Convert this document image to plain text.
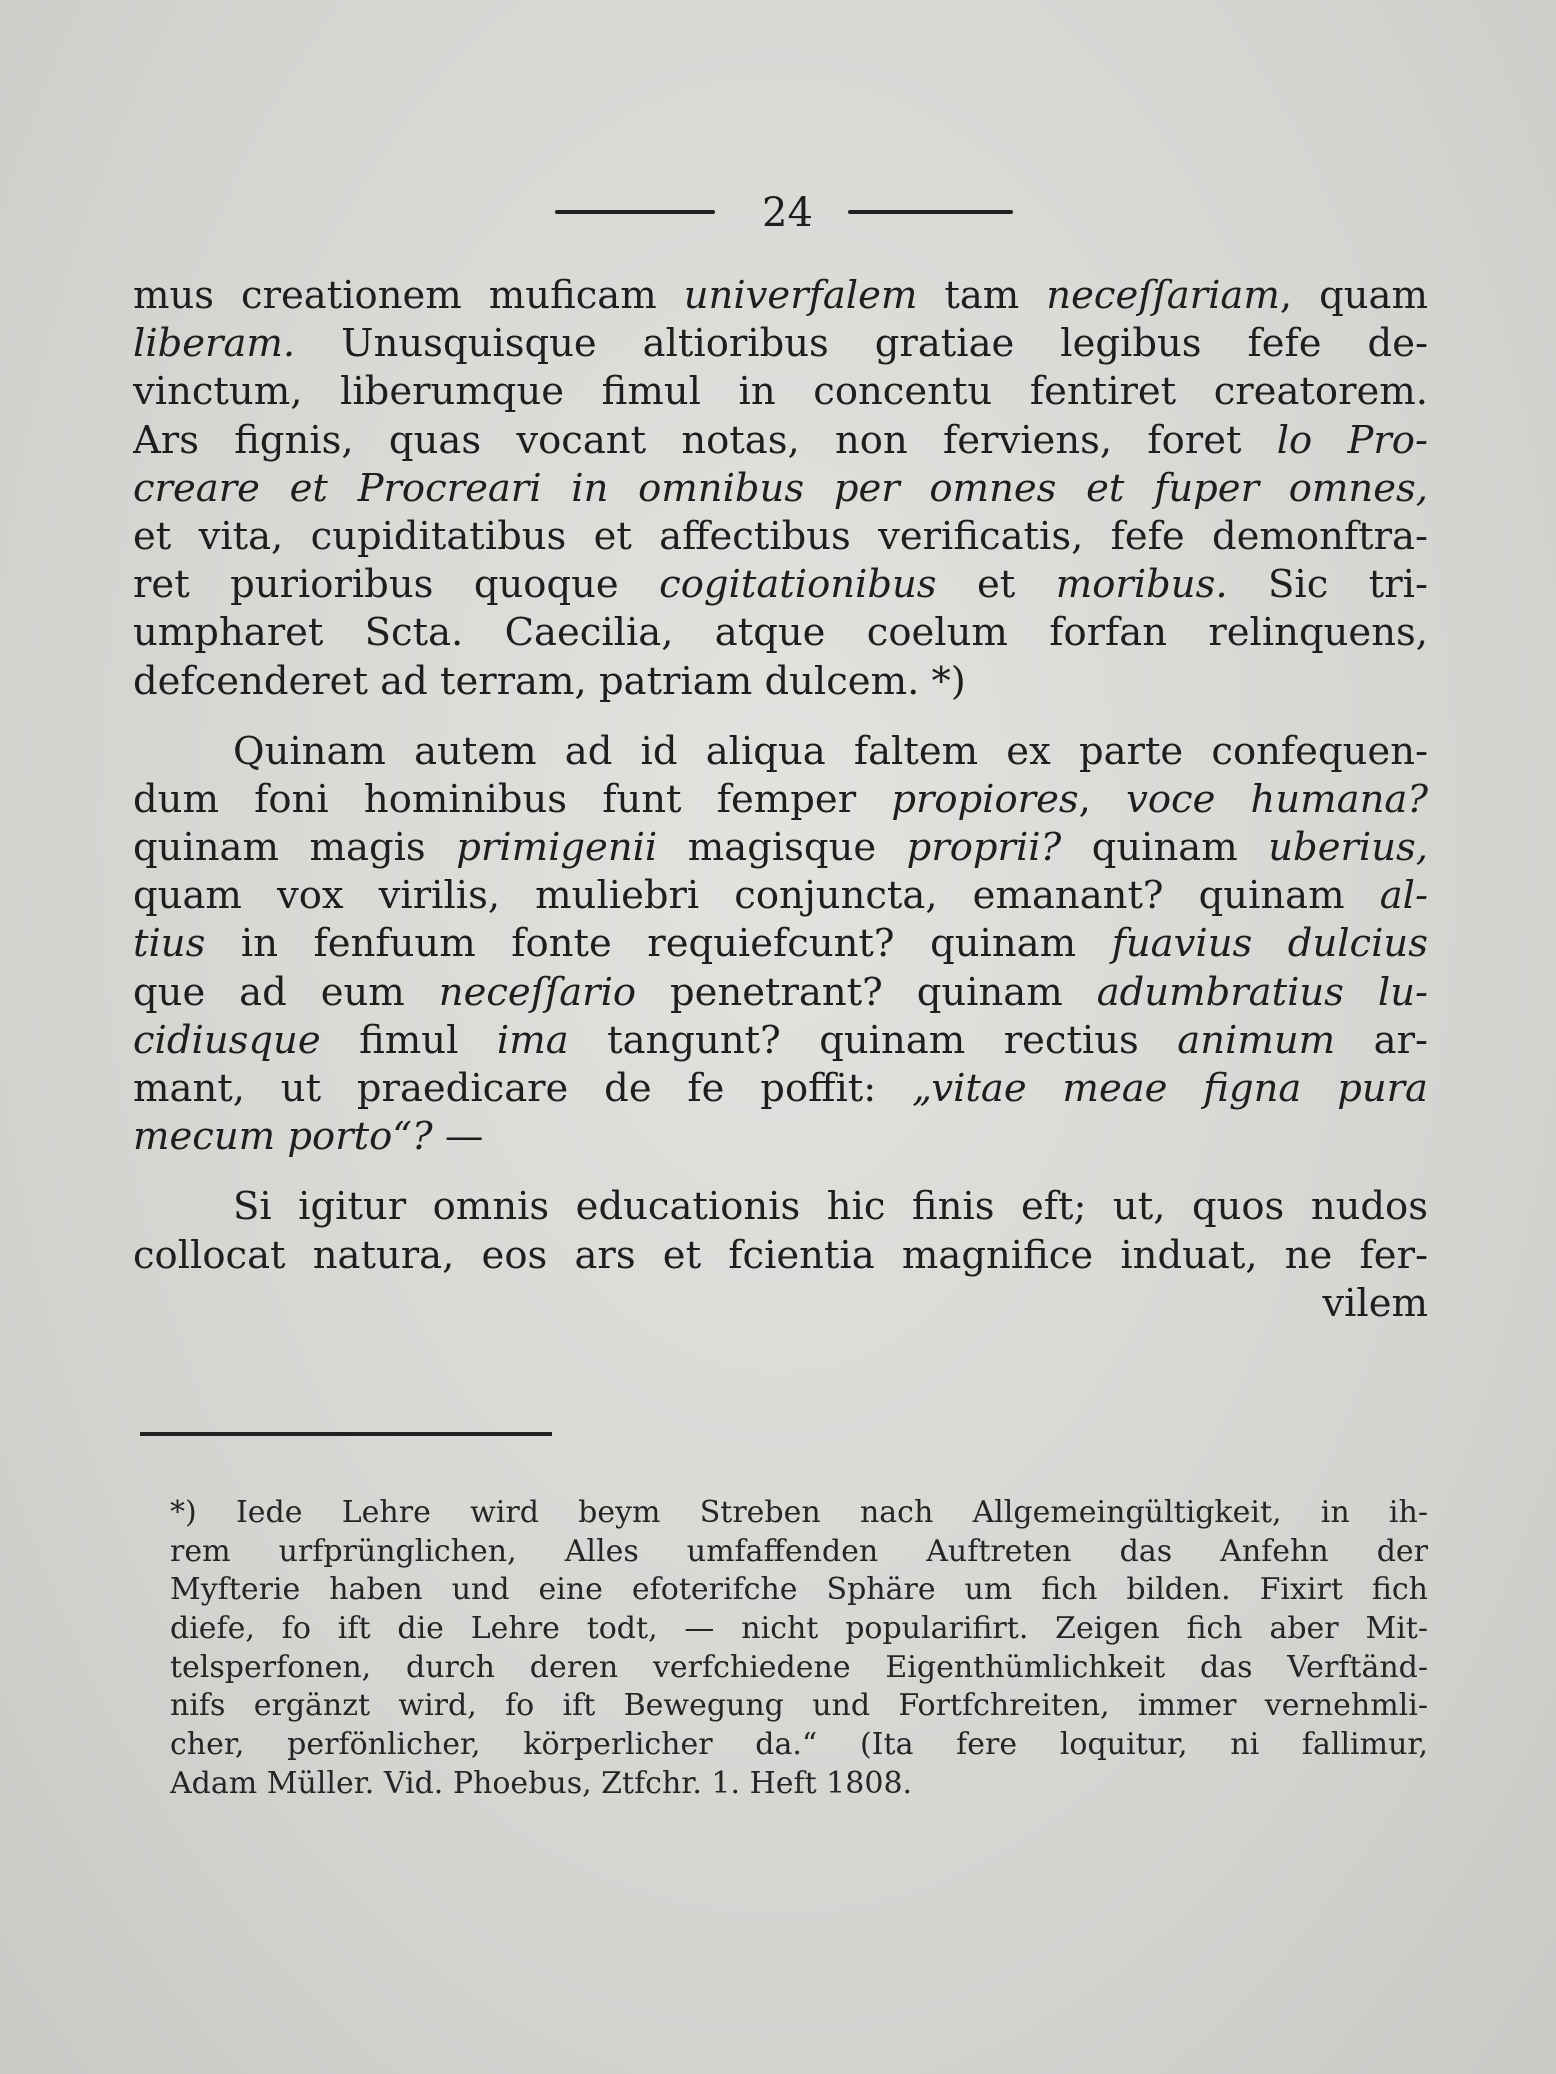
24
mus creationem muficam univerfalem tam neceſſariam, quam
liberam. Unusquisque altioribus gratiae legibus fefe de-
vinctum, liberumque fimul in concentu fentiret creatorem.
Ars fignis, quas vocant notas, non ferviens, foret lo Pro-
creare et Procreari in omnibus per omnes et fuper omnes,
et vita, cupiditatibus et affectibus verificatis, fefe demonftra-
ret purioribus quoque cogitationibus et moribus. Sic tri-
umpharet Scta. Caecilia, atque coelum forfan relinquens,
defcenderet ad terram, patriam dulcem. *)
Quinam autem ad id aliqua faltem ex parte confequen-
dum foni hominibus funt femper propiores, voce humana?
quinam magis primigenii magisque proprii? quinam uberius,
quam vox virilis, muliebri conjuncta, emanant? quinam al-
tius in fenfuum fonte requiefcunt? quinam fuavius dulcius
que ad eum neceſſario penetrant? quinam adumbratius lu-
cidiusque fimul ima tangunt? quinam rectius animum ar-
mant, ut praedicare de fe poffit: „vitae meae figna pura
mecum porto“? —
Si igitur omnis educationis hic finis eft; ut, quos nudos
collocat natura, eos ars et fcientia magnifice induat, ne fer-
vilem
*) Iede Lehre wird beym Streben nach Allgemeingültigkeit, in ih-
rem urfprünglichen, Alles umfaffenden Auftreten das Anfehn der
Myfterie haben und eine efoterifche Sphäre um fich bilden. Fixirt fich
diefe, fo ift die Lehre todt, — nicht popularifirt. Zeigen fich aber Mit-
telsperfonen, durch deren verfchiedene Eigenthümlichkeit das Verftänd-
nifs ergänzt wird, fo ift Bewegung und Fortfchreiten, immer vernehmli-
cher, perfönlicher, körperlicher da.“ (Ita fere loquitur, ni fallimur,
Adam Müller. Vid. Phoebus, Ztfchr. 1. Heft 1808.
